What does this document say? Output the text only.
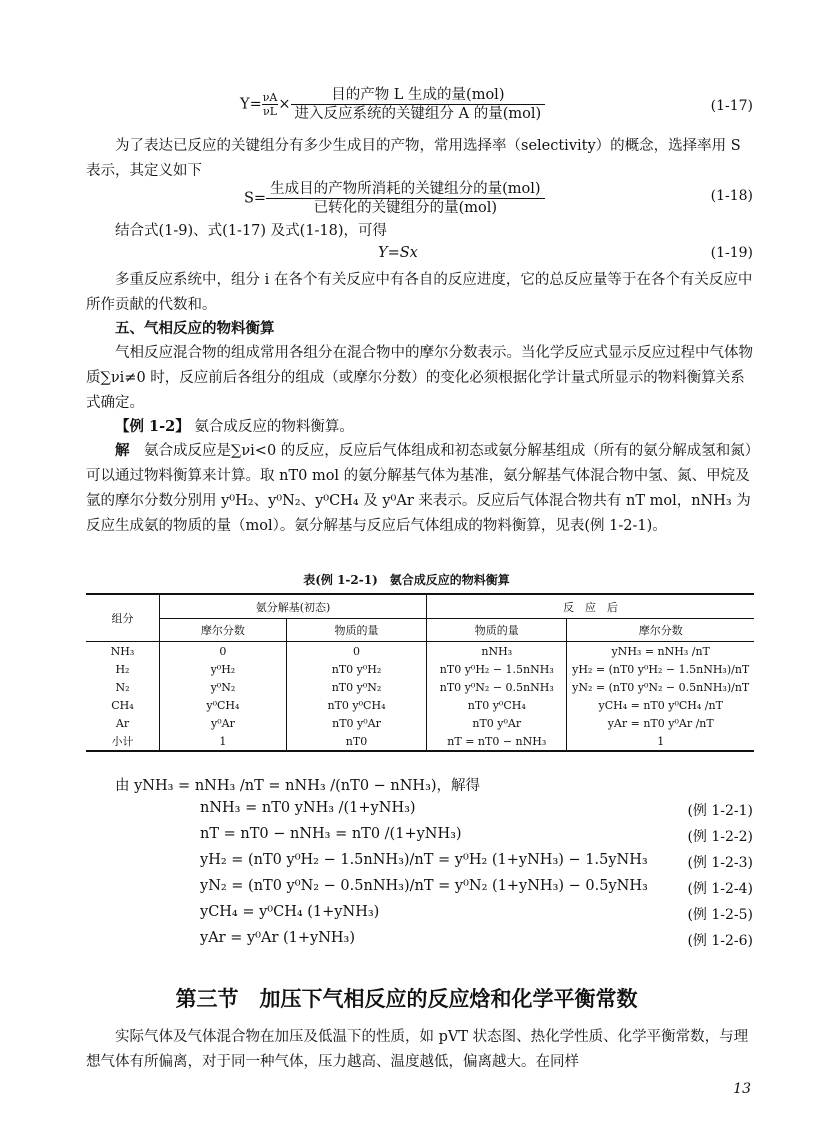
$Y= \frac{\nu A}{\nu L} \times \frac{\text{目的产物 L 生成的量(mol)}}{\text{进入反应系统的关键组分 A 的量(mol)}}$	(1-17)
为了表达已反应的关键组分有多少生成目的产物，常用选择率（selectivity）的概念，选择率用 S 表示，其定义如下
$S= \frac{\text{生成目的产物所消耗的关键组分的量(mol)}}{\text{已转化的关键组分的量(mol)}}$	(1-18)
结合式(1-9)、式(1-17) 及式(1-18)，可得
Y=Sx	(1-19)
多重反应系统中，组分 i 在各个有关反应中有各自的反应进度，它的总反应量等于在各个有关反应中所作贡献的代数和。
五、气相反应的物料衡算
气相反应混合物的组成常用各组分在混合物中的摩尔分数表示。当化学反应式显示反应过程中气体物质∑νi≠0 时，反应前后各组分的组成（或摩尔分数）的变化必须根据化学计量式所显示的物料衡算关系式确定。
【例 1-2】 氨合成反应的物料衡算。
解　 氨合成反应是∑νi<0 的反应，反应后气体组成和初态或氨分解基组成（所有的氨分解成氢和氮）可以通过物料衡算来计算。取 nT0 mol 的氨分解基气体为基准，氨分解基气体混合物中氢、氮、甲烷及氩的摩尔分数分别用 y⁰H₂、y⁰N₂、y⁰CH₄ 及 y⁰Ar 来表示。反应后气体混合物共有 nT mol，nNH₃ 为反应生成氨的物质的量（mol）。氨分解基与反应后气体组成的物料衡算，见表(例 1-2-1)。
表(例 1-2-1)　氨合成反应的物料衡算
组分	氨分解基(初态)		反　应　后	
	摩尔分数	物质的量	物质的量	摩尔分数
NH₃	0	0	nNH₃	yNH₃ = nNH₃ /nT
H₂	y⁰H₂	nT0 y⁰H₂	nT0 y⁰H₂ − 1.5nNH₃	yH₂ = (nT0 y⁰H₂ − 1.5nNH₃)/nT
N₂	y⁰N₂	nT0 y⁰N₂	nT0 y⁰N₂ − 0.5nNH₃	yN₂ = (nT0 y⁰N₂ − 0.5nNH₃)/nT
CH₄	y⁰CH₄	nT0 y⁰CH₄	nT0 y⁰CH₄	yCH₄ = nT0 y⁰CH₄ /nT
Ar	y⁰Ar	nT0 y⁰Ar	nT0 y⁰Ar	yAr = nT0 y⁰Ar /nT
小计	1	nT0	nT = nT0 − nNH₃	1
由 yNH₃ = nNH₃ /nT = nNH₃ /(nT0 − nNH₃)，解得
nNH₃ = nT0 yNH₃ /(1+yNH₃)	(例 1-2-1)
nT = nT0 − nNH₃ = nT0 /(1+yNH₃)	(例 1-2-2)
yH₂ = (nT0 y⁰H₂ − 1.5nNH₃)/nT = y⁰H₂ (1+yNH₃) − 1.5yNH₃	(例 1-2-3)
yN₂ = (nT0 y⁰N₂ − 0.5nNH₃)/nT = y⁰N₂ (1+yNH₃) − 0.5yNH₃	(例 1-2-4)
yCH₄ = y⁰CH₄ (1+yNH₃)	(例 1-2-5)
yAr = y⁰Ar (1+yNH₃)	(例 1-2-6)
第三节　加压下气相反应的反应焓和化学平衡常数
实际气体及气体混合物在加压及低温下的性质，如 pVT 状态图、热化学性质、化学平衡常数，与理想气体有所偏离，对于同一种气体，压力越高、温度越低，偏离越大。在同样
13
